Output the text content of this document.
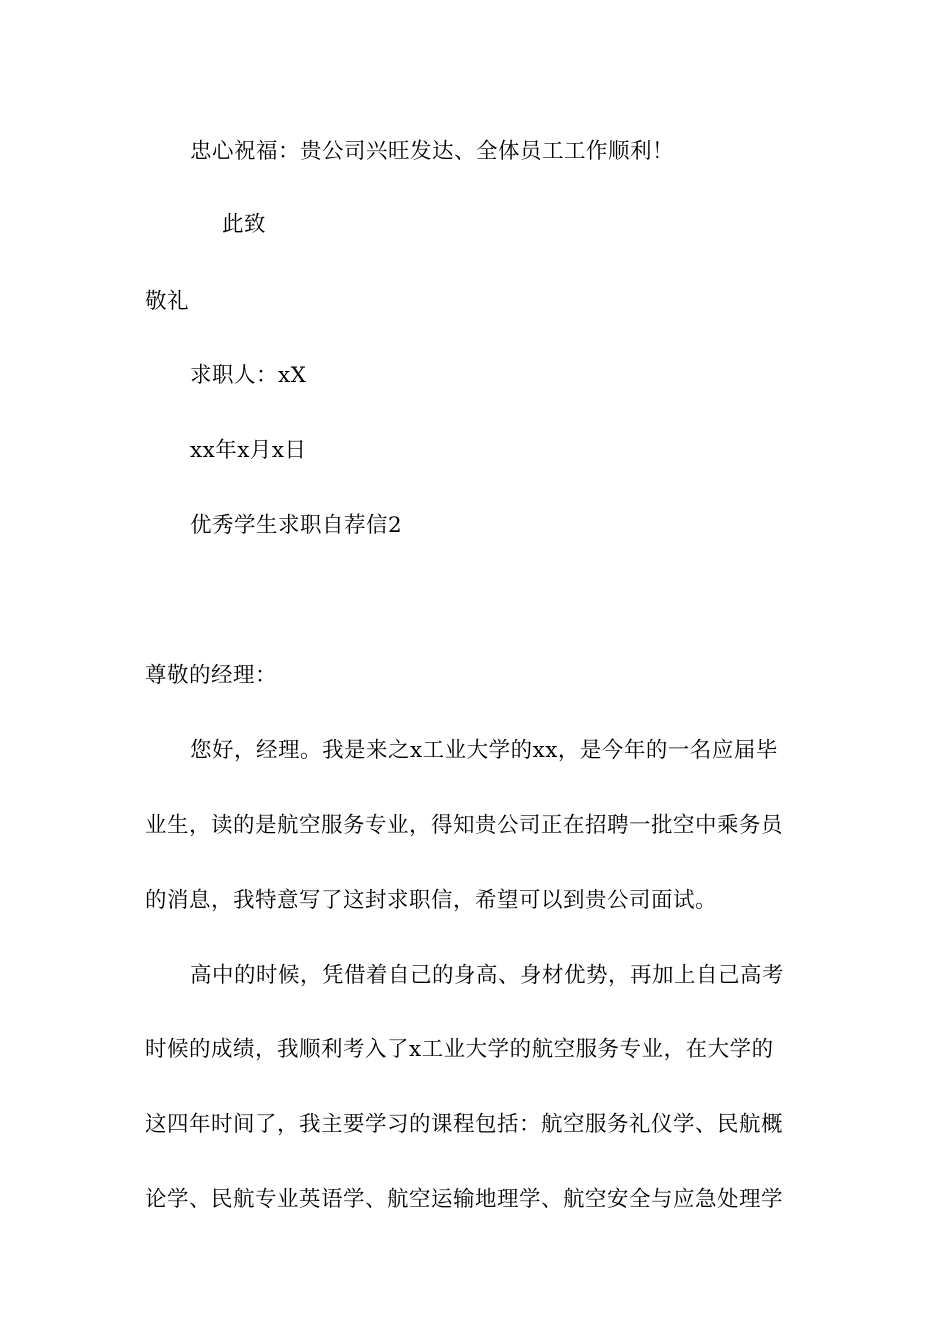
忠心祝福：贵公司兴旺发达、全体员工工作顺利！
此致
敬礼
求职人：xX
xx年x月x日
优秀学生求职自荐信2
尊敬的经理：
您好，经理。我是来之x工业大学的xx，是今年的一名应届毕
业生，读的是航空服务专业，得知贵公司正在招聘一批空中乘务员
的消息，我特意写了这封求职信，希望可以到贵公司面试。
高中的时候，凭借着自己的身高、身材优势，再加上自己高考
时候的成绩，我顺利考入了x工业大学的航空服务专业，在大学的
这四年时间了，我主要学习的课程包括：航空服务礼仪学、民航概
论学、民航专业英语学、航空运输地理学、航空安全与应急处理学
